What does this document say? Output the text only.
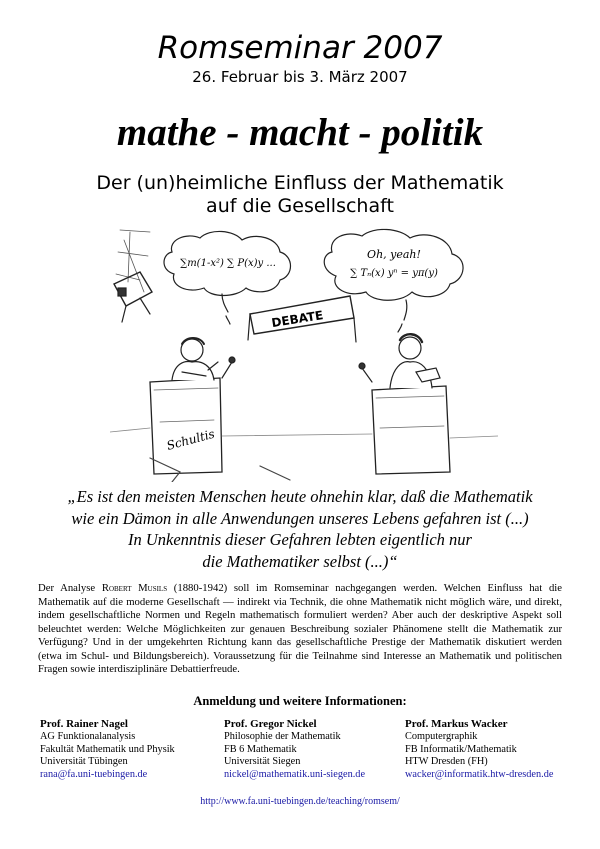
Romseminar 2007
26. Februar bis 3. März 2007
mathe - macht - politik
Der (un)heimliche Einfluss der Mathematik
auf die Gesellschaft
DEBATE
∑m(1-x²) ∑ P(x)y ...
Oh, yeah!
∑ Tₙ(x) yⁿ = yπ(y)
Schultis
„Es ist den meisten Menschen heute ohnehin klar, daß die Mathematik
wie ein Dämon in alle Anwendungen unseres Lebens gefahren ist (...)
In Unkenntnis dieser Gefahren lebten eigentlich nur
die Mathematiker selbst (...)“
Der Analyse Robert Musils (1880-1942) soll im Romseminar nachgegangen werden. Welchen Einfluss hat die Mathematik auf die moderne Gesellschaft — indirekt via Technik, die ohne Mathematik nicht möglich wäre, und direkt, indem gesellschaftliche Normen und Regeln mathematisch formuliert werden? Aber auch der deskriptive Aspekt soll beleuchtet werden: Welche Möglichkeiten zur genauen Beschreibung sozialer Phänomene stellt die Mathematik zur Verfügung? Und in der umgekehrten Richtung kann das gesellschaftliche Prestige der Mathematik diskutiert werden (etwa im Schul- und Bildungsbereich). Voraussetzung für die Teilnahme sind Interesse an Mathematik und politischen Fragen sowie interdisziplinäre Debattierfreude.
Anmeldung und weitere Informationen:
Prof. Rainer Nagel
AG Funktionalanalysis
Fakultät Mathematik und Physik
Universität Tübingen
rana@fa.uni-tuebingen.de
Prof. Gregor Nickel
Philosophie der Mathematik
FB 6 Mathematik
Universität Siegen
nickel@mathematik.uni-siegen.de
Prof. Markus Wacker
Computergraphik
FB Informatik/Mathematik
HTW Dresden (FH)
wacker@informatik.htw-dresden.de
http://www.fa.uni-tuebingen.de/teaching/romsem/
